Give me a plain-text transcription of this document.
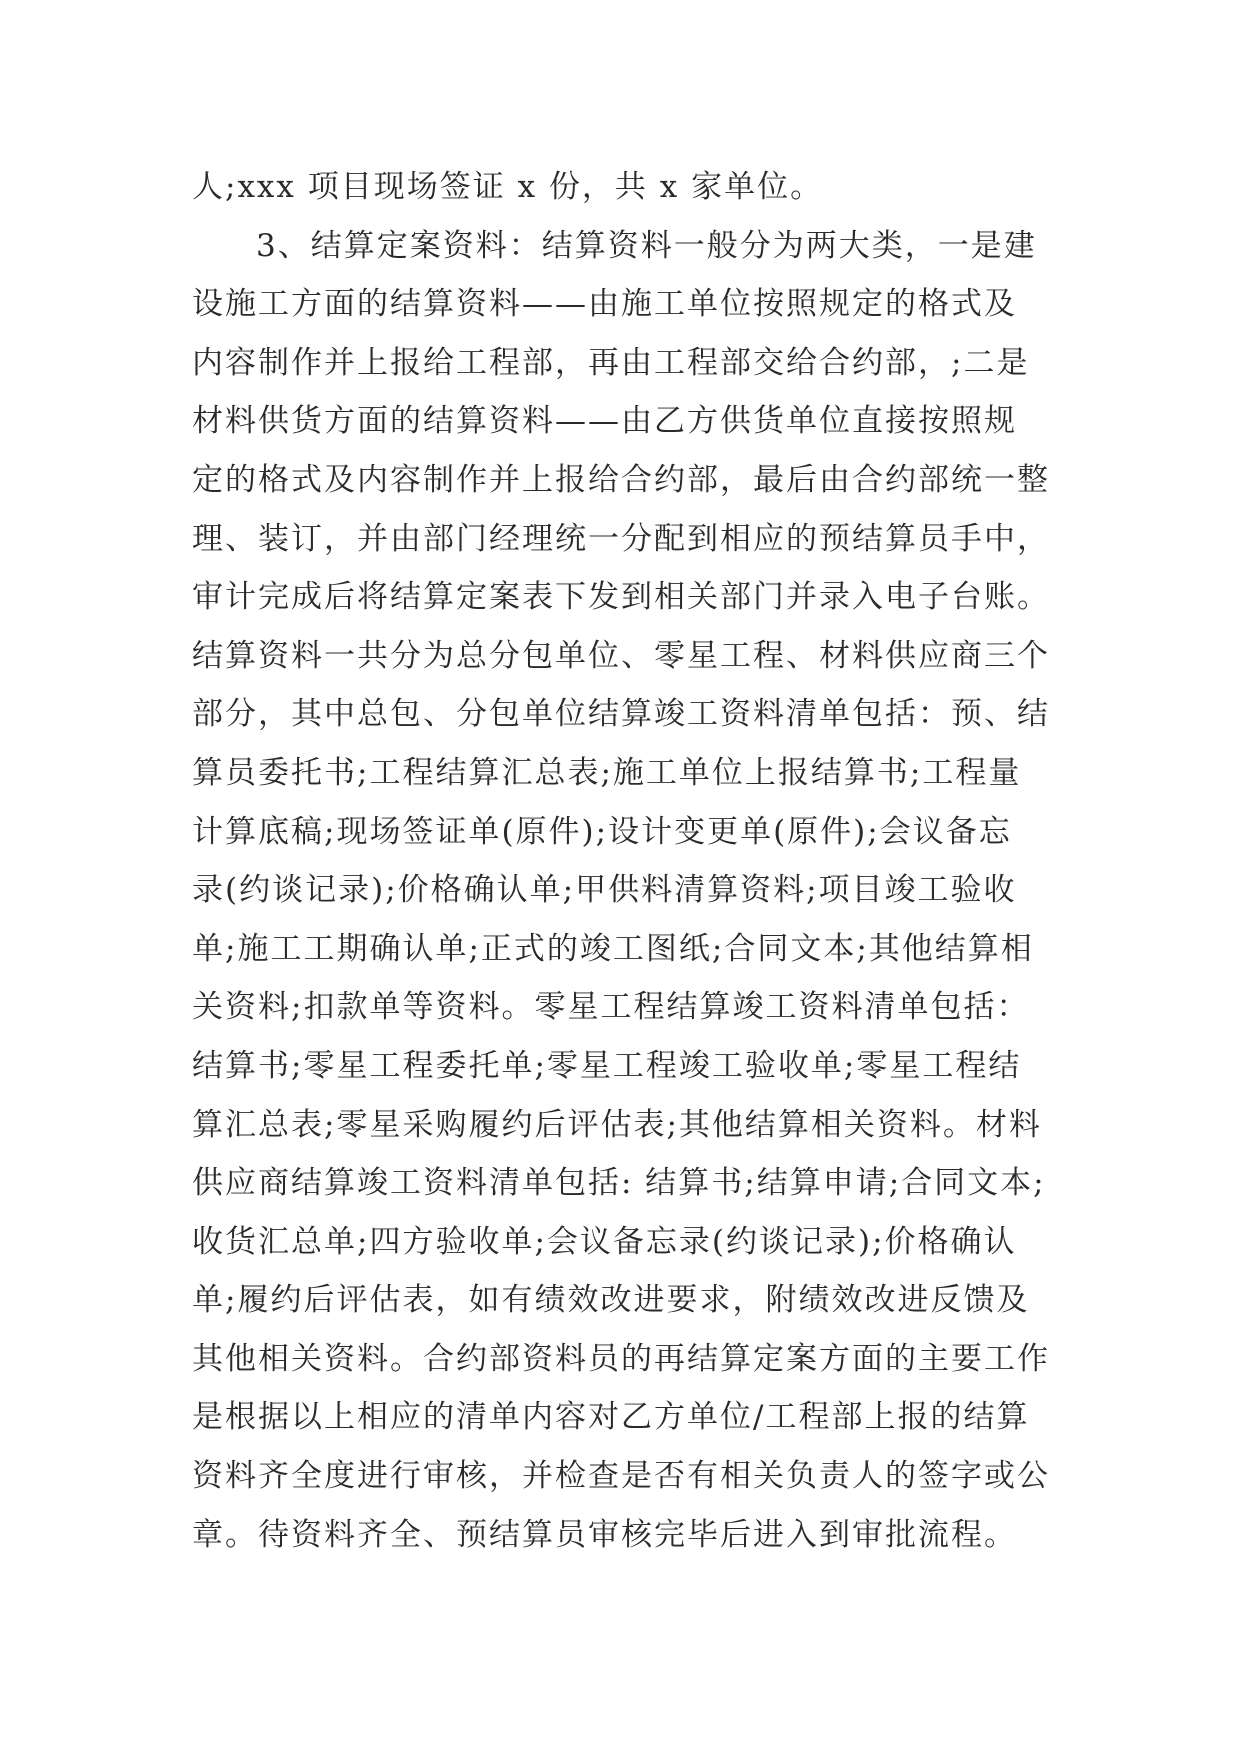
人;xxx 项目现场签证 x 份，共 x 家单位。
3、结算定案资料：结算资料一般分为两大类，一是建
设施工方面的结算资料——由施工单位按照规定的格式及
内容制作并上报给工程部，再由工程部交给合约部，;二是
材料供货方面的结算资料——由乙方供货单位直接按照规
定的格式及内容制作并上报给合约部，最后由合约部统一整
理、装订，并由部门经理统一分配到相应的预结算员手中，
审计完成后将结算定案表下发到相关部门并录入电子台账。
结算资料一共分为总分包单位、零星工程、材料供应商三个
部分，其中总包、分包单位结算竣工资料清单包括：预、结
算员委托书;工程结算汇总表;施工单位上报结算书;工程量
计算底稿;现场签证单(原件);设计变更单(原件);会议备忘
录(约谈记录);价格确认单;甲供料清算资料;项目竣工验收
单;施工工期确认单;正式的竣工图纸;合同文本;其他结算相
关资料;扣款单等资料。零星工程结算竣工资料清单包括：
结算书;零星工程委托单;零星工程竣工验收单;零星工程结
算汇总表;零星采购履约后评估表;其他结算相关资料。材料
供应商结算竣工资料清单包括: 结算书;结算申请;合同文本;
收货汇总单;四方验收单;会议备忘录(约谈记录);价格确认
单;履约后评估表，如有绩效改进要求，附绩效改进反馈及
其他相关资料。合约部资料员的再结算定案方面的主要工作
是根据以上相应的清单内容对乙方单位/工程部上报的结算
资料齐全度进行审核，并检查是否有相关负责人的签字或公
章。待资料齐全、预结算员审核完毕后进入到审批流程。
